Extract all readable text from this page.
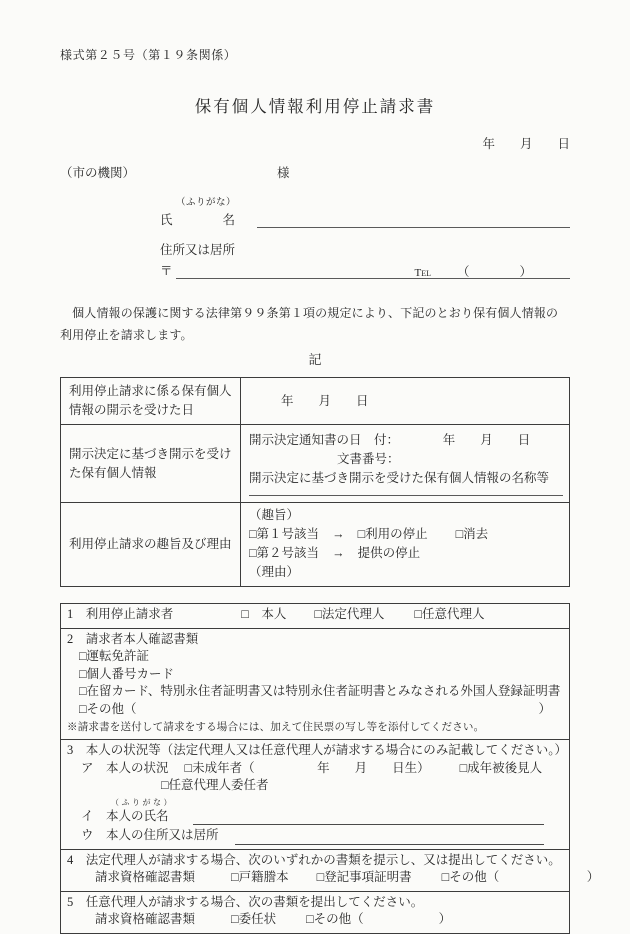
様式第２５号（第１９条関係）
保有個人情報利用停止請求書
年　　月　　日
（市の機関）	様
（ふりがな）
氏　　　　名
住所又は居所
〒	Tel （　　　　）

　個人情報の保護に関する法律第９９条第１項の規定により、下記のとおり保有個人情報の利用停止を請求します。

記
利用停止請求に係る保有個人情報の開示を受けた日	年　　月　　日

開示決定に基づき開示を受けた保有個人情報	開示決定通知書の日　付：　　　　年　　月　　日
文書番号：
開示決定に基づき開示を受けた保有個人情報の名称等

利用停止請求の趣旨及び理由	（趣旨）
□第１号該当 → □利用の停止 □消去
□第２号該当 → 提供の停止
（理由）
1　利用停止請求者	□　本人 □法定代理人 □任意代理人

2　請求者本人確認書類
□運転免許証
□個人番号カード
□在留カード、特別永住者証明書又は特別永住者証明書とみなされる外国人登録証明書
□その他（	）
※請求書を送付して請求をする場合には、加えて住民票の写し等を添付してください。

3　本人の状況等（法定代理人又は任意代理人が請求する場合にのみ記載してください。）
ア　本人の状況 □未成年者（　　　　　年　　月　　日生） □成年被後見人
□任意代理人委任者
（ふりがな）
イ　本人の氏名
ウ　本人の住所又は居所

4　法定代理人が請求する場合、次のいずれかの書類を提示し、又は提出してください。
請求資格確認書類	□戸籍謄本 □登記事項証明書 □その他（　　　　　　　）

5　任意代理人が請求する場合、次の書類を提出してください。
請求資格確認書類	□委任状 □その他（　　　　　　）
